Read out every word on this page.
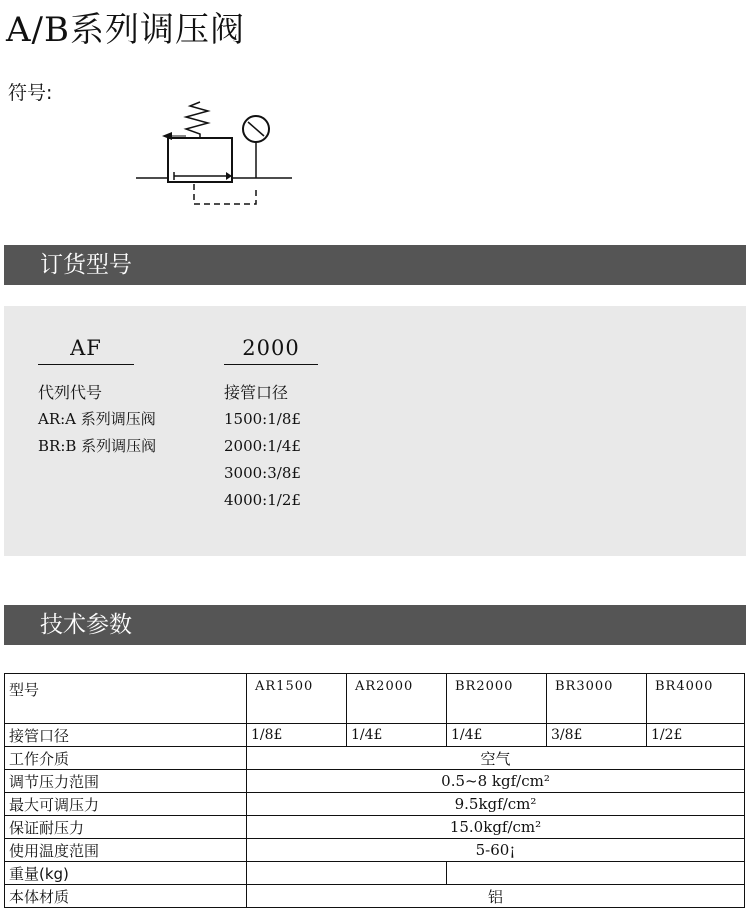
A/B系列调压阀
符号:
订货型号
AF
代列代号
AR:A 系列调压阀
BR:B 系列调压阀
2000
接管口径
1500:1/8£
2000:1/4£
3000:3/8£
4000:1/2£
技术参数
型号	AR1500	AR2000	BR2000	BR3000	BR4000
接管口径	1/8£	1/4£	1/4£	3/8£	1/2£
工作介质	空气				
调节压力范围	0.5~8 kgf/cm²				
最大可调压力	9.5kgf/cm²				
保证耐压力	15.0kgf/cm²				
使用温度范围	5-60¡				
重量(kg)					
本体材质	铝				
